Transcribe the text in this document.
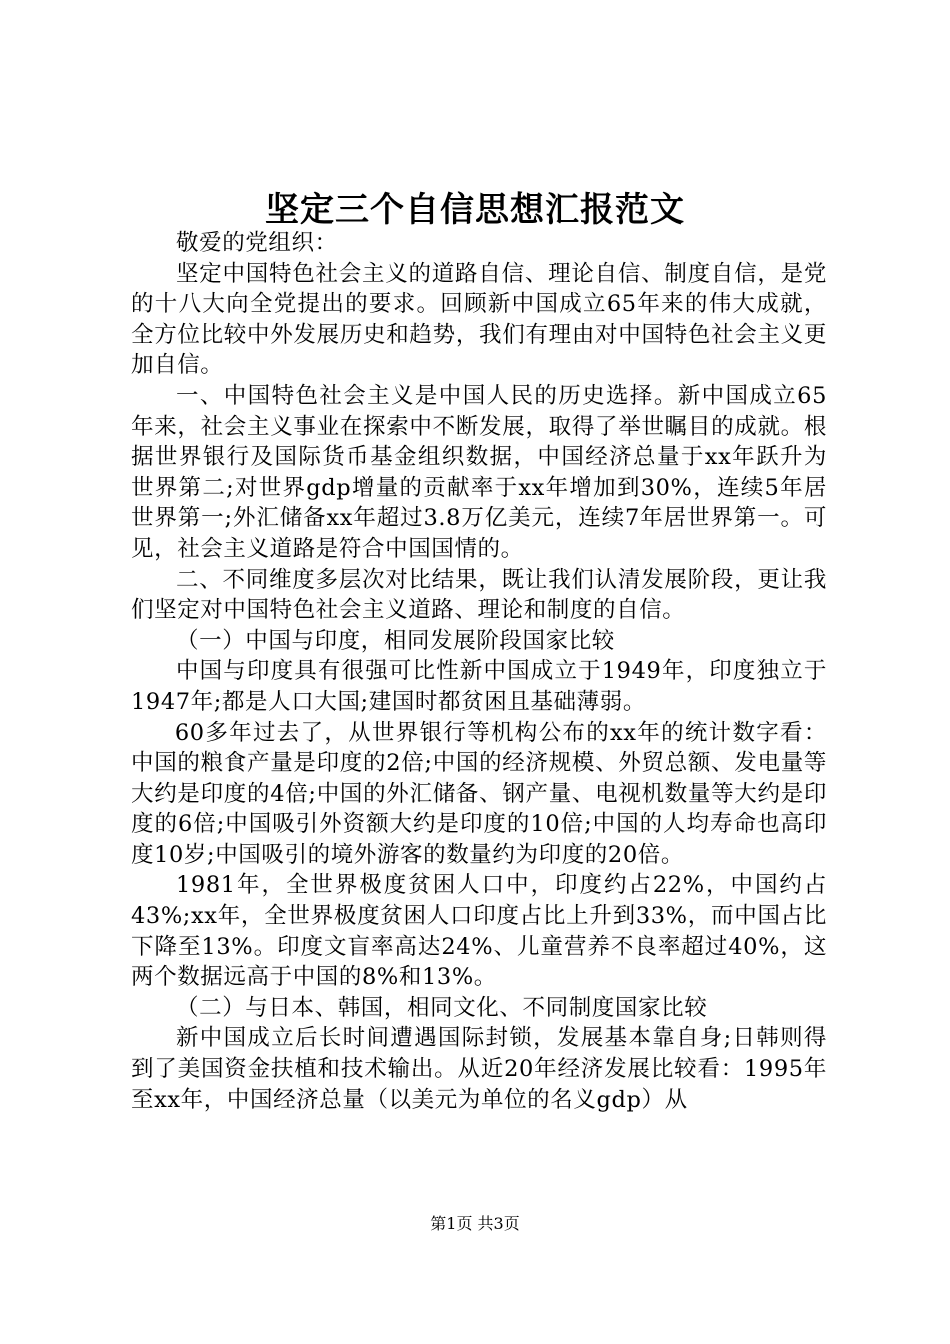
坚定三个自信思想汇报范文

敬爱的党组织：

坚定中国特色社会主义的道路自信、理论自信、制度自信，是党的十八大向全党提出的要求。回顾新中国成立65年来的伟大成就，全方位比较中外发展历史和趋势，我们有理由对中国特色社会主义更加自信。

一、中国特色社会主义是中国人民的历史选择。新中国成立65年来，社会主义事业在探索中不断发展，取得了举世瞩目的成就。根据世界银行及国际货币基金组织数据，中国经济总量于xx年跃升为世界第二;对世界gdp增量的贡献率于xx年增加到30%，连续5年居世界第一;外汇储备xx年超过3.8万亿美元，连续7年居世界第一。可见，社会主义道路是符合中国国情的。

二、不同维度多层次对比结果，既让我们认清发展阶段，更让我们坚定对中国特色社会主义道路、理论和制度的自信。

（一）中国与印度，相同发展阶段国家比较

中国与印度具有很强可比性新中国成立于1949年，印度独立于1947年;都是人口大国;建国时都贫困且基础薄弱。

60多年过去了，从世界银行等机构公布的xx年的统计数字看：中国的粮食产量是印度的2倍;中国的经济规模、外贸总额、发电量等大约是印度的4倍;中国的外汇储备、钢产量、电视机数量等大约是印度的6倍;中国吸引外资额大约是印度的10倍;中国的人均寿命也高印度10岁;中国吸引的境外游客的数量约为印度的20倍。

1981年，全世界极度贫困人口中，印度约占22%，中国约占43%;xx年，全世界极度贫困人口印度占比上升到33%，而中国占比下降至13%。印度文盲率高达24%、儿童营养不良率超过40%，这两个数据远高于中国的8%和13%。

（二）与日本、韩国，相同文化、不同制度国家比较

新中国成立后长时间遭遇国际封锁，发展基本靠自身;日韩则得到了美国资金扶植和技术输出。从近20年经济发展比较看：1995年至xx年，中国经济总量（以美元为单位的名义gdp）从

第1页 共3页
